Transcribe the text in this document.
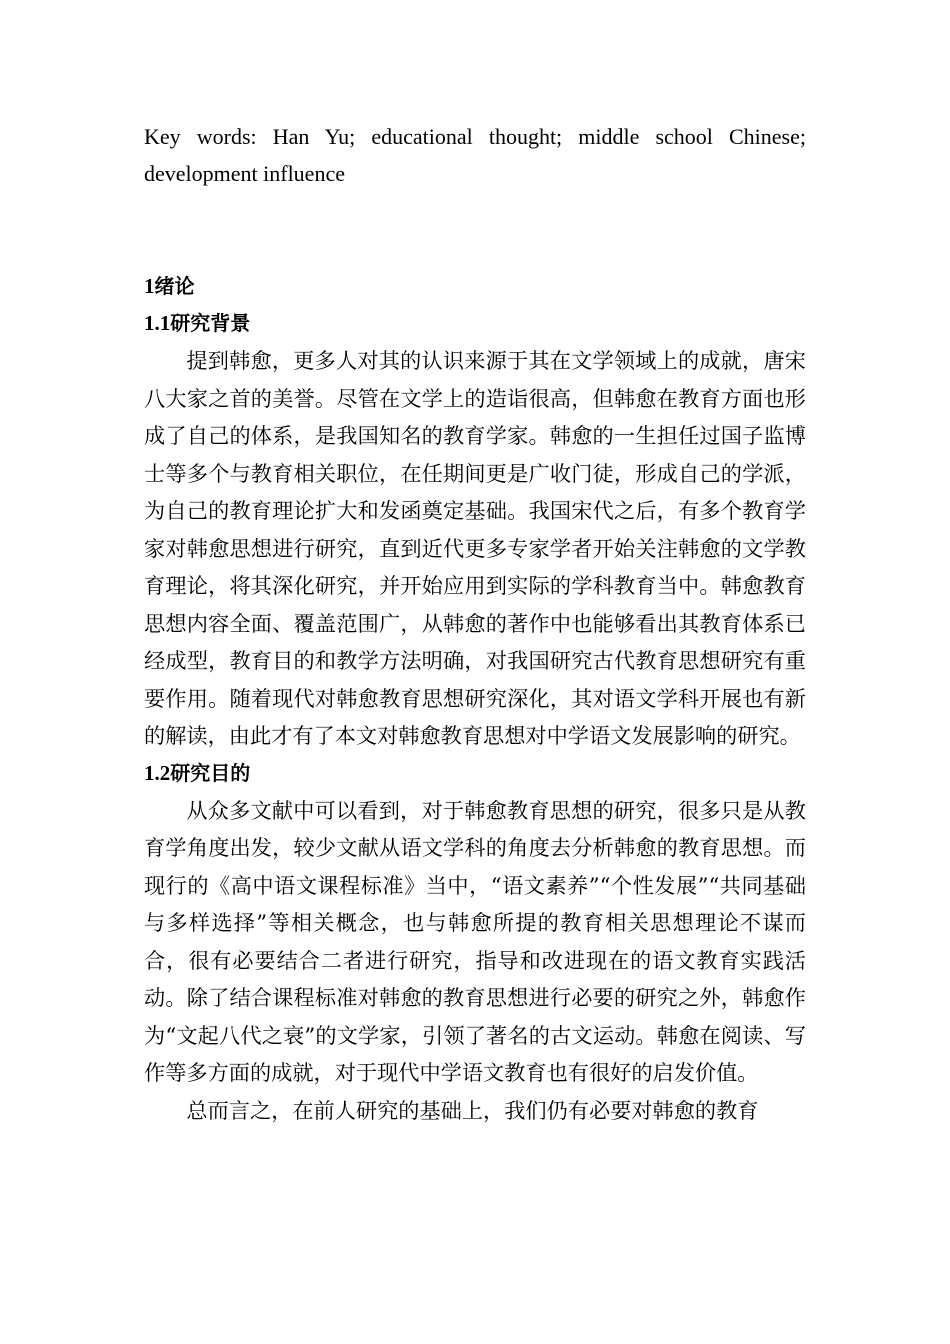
Key words: Han Yu; educational thought; middle school Chinese; development influence
1绪论
1.1研究背景

提到韩愈，更多人对其的认识来源于其在文学领域上的成就，唐宋八大家之首的美誉。尽管在文学上的造诣很高，但韩愈在教育方面也形成了自己的体系，是我国知名的教育学家。韩愈的一生担任过国子监博士等多个与教育相关职位，在任期间更是广收门徒，形成自己的学派，为自己的教育理论扩大和发函奠定基础。我国宋代之后，有多个教育学家对韩愈思想进行研究，直到近代更多专家学者开始关注韩愈的文学教育理论，将其深化研究，并开始应用到实际的学科教育当中。韩愈教育思想内容全面、覆盖范围广，从韩愈的著作中也能够看出其教育体系已经成型，教育目的和教学方法明确，对我国研究古代教育思想研究有重要作用。随着现代对韩愈教育思想研究深化，其对语文学科开展也有新的解读，由此才有了本文对韩愈教育思想对中学语文发展影响的研究。

1.2研究目的

从众多文献中可以看到，对于韩愈教育思想的研究，很多只是从教育学角度出发，较少文献从语文学科的角度去分析韩愈的教育思想。而现行的《高中语文课程标准》当中，“语文素养”“个性发展”“共同基础与多样选择”等相关概念，也与韩愈所提的教育相关思想理论不谋而合，很有必要结合二者进行研究，指导和改进现在的语文教育实践活动。除了结合课程标准对韩愈的教育思想进行必要的研究之外，韩愈作为“文起八代之衰”的文学家，引领了著名的古文运动。韩愈在阅读、写作等多方面的成就，对于现代中学语文教育也有很好的启发价值。

总而言之，在前人研究的基础上，我们仍有必要对韩愈的教育
